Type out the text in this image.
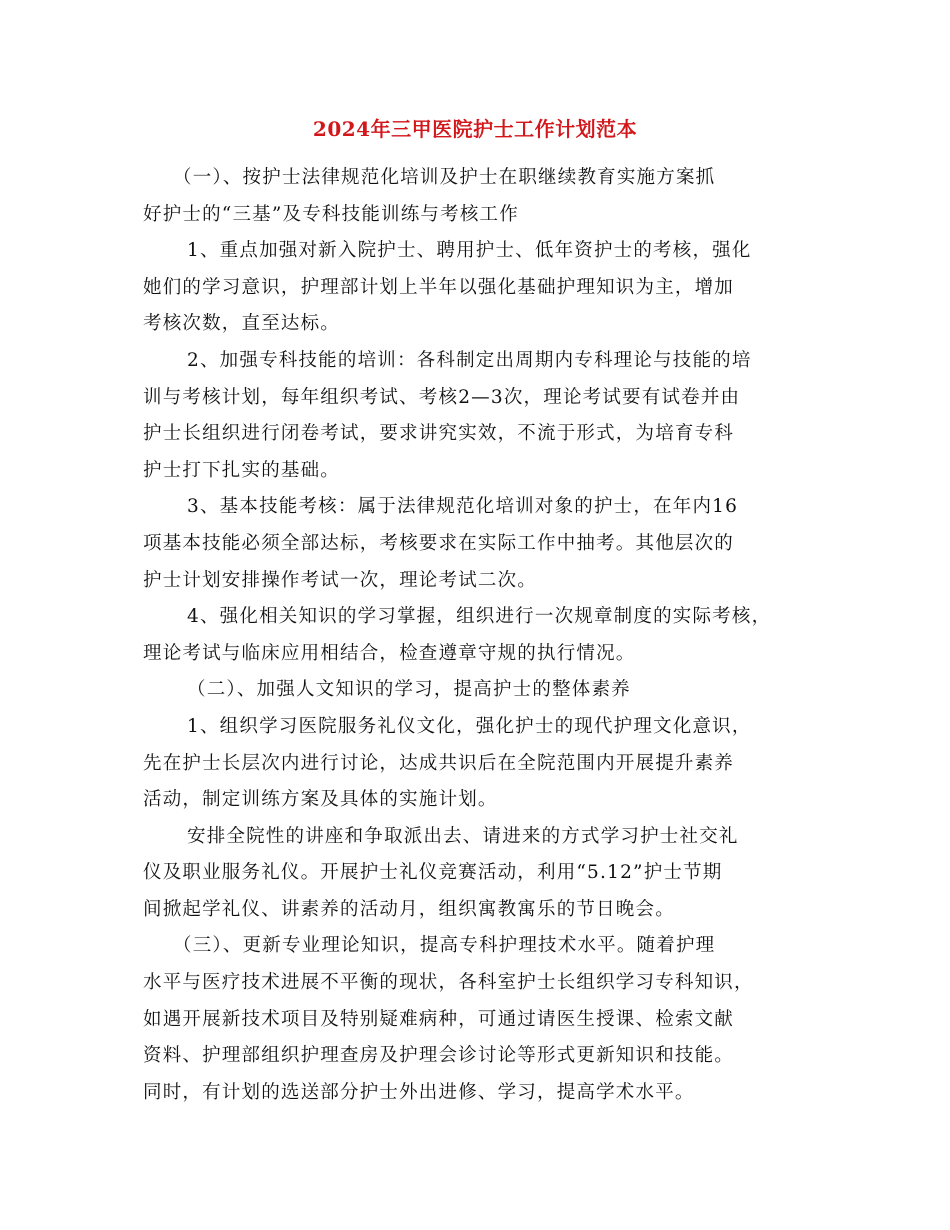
2024年三甲医院护士工作计划范本
（一）、按护士法律规范化培训及护士在职继续教育实施方案抓
好护士的“三基”及专科技能训练与考核工作
1、重点加强对新入院护士、聘用护士、低年资护士的考核，强化
她们的学习意识，护理部计划上半年以强化基础护理知识为主，增加
考核次数，直至达标。
2、加强专科技能的培训：各科制定出周期内专科理论与技能的培
训与考核计划，每年组织考试、考核2—3次，理论考试要有试卷并由
护士长组织进行闭卷考试，要求讲究实效，不流于形式，为培育专科
护士打下扎实的基础。
3、基本技能考核：属于法律规范化培训对象的护士，在年内16
项基本技能必须全部达标，考核要求在实际工作中抽考。其他层次的
护士计划安排操作考试一次，理论考试二次。
4、强化相关知识的学习掌握，组织进行一次规章制度的实际考核，
理论考试与临床应用相结合，检查遵章守规的执行情况。
（二）、加强人文知识的学习，提高护士的整体素养
1、组织学习医院服务礼仪文化，强化护士的现代护理文化意识，
先在护士长层次内进行讨论，达成共识后在全院范围内开展提升素养
活动，制定训练方案及具体的实施计划。
安排全院性的讲座和争取派出去、请进来的方式学习护士社交礼
仪及职业服务礼仪。开展护士礼仪竞赛活动，利用“5.12”护士节期
间掀起学礼仪、讲素养的活动月，组织寓教寓乐的节日晚会。
（三）、更新专业理论知识，提高专科护理技术水平。随着护理
水平与医疗技术进展不平衡的现状，各科室护士长组织学习专科知识，
如遇开展新技术项目及特别疑难病种，可通过请医生授课、检索文献
资料、护理部组织护理查房及护理会诊讨论等形式更新知识和技能。
同时，有计划的选送部分护士外出进修、学习，提高学术水平。
